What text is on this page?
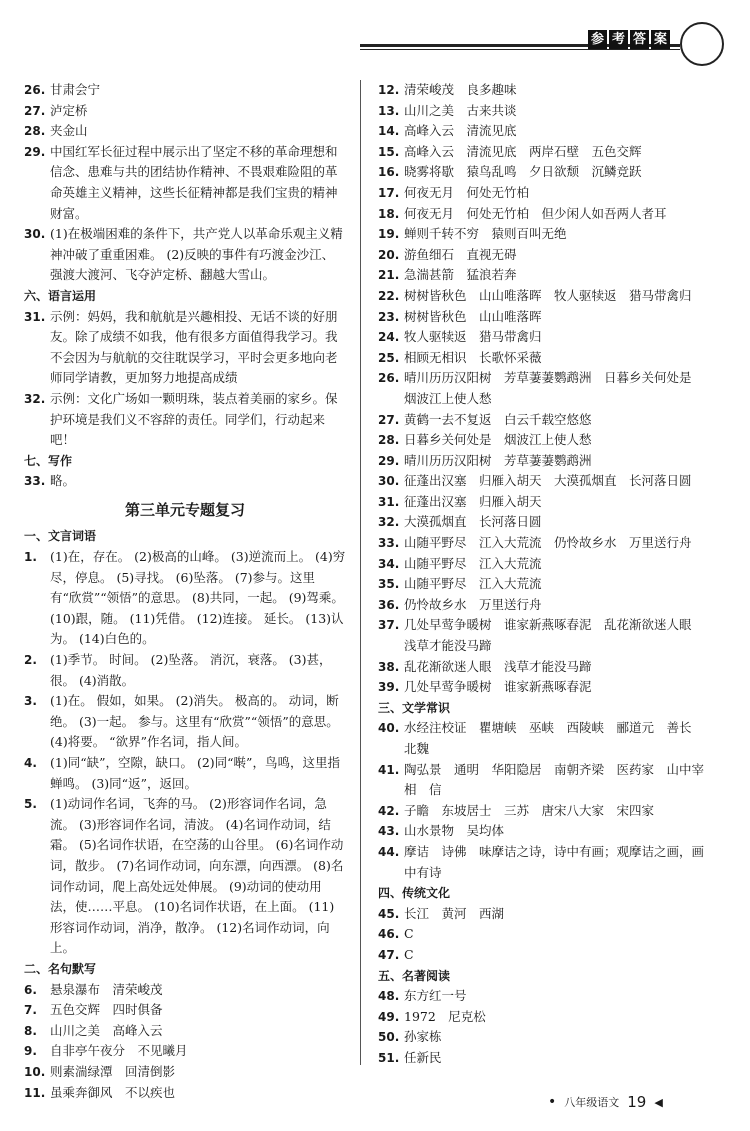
参 考 答 案
26. 甘肃会宁
27. 泸定桥
28. 夹金山
29. 中国红军长征过程中展示出了坚定不移的革命理想和信念、患难与共的团结协作精神、不畏艰难险阻的革命英雄主义精神，这些长征精神都是我们宝贵的精神财富。
30. (1)在极端困难的条件下，共产党人以革命乐观主义精神冲破了重重困难。 (2)反映的事件有巧渡金沙江、强渡大渡河、飞夺泸定桥、翻越大雪山。
六、语言运用
31. 示例：妈妈，我和航航是兴趣相投、无话不谈的好朋友。除了成绩不如我，他有很多方面值得我学习。我不会因为与航航的交往耽误学习，平时会更多地向老师同学请教，更加努力地提高成绩
32. 示例：文化广场如一颗明珠，装点着美丽的家乡。保护环境是我们义不容辞的责任。同学们，行动起来吧！
七、写作
33. 略。
第三单元专题复习
一、文言词语
1.	(1)在，存在。 (2)极高的山峰。 (3)逆流而上。 (4)穷尽，停息。 (5)寻找。 (6)坠落。 (7)参与。这里有“欣赏”“领悟”的意思。 (8)共同，一起。 (9)驾乘。 (10)跟，随。 (11)凭借。 (12)连接。 延长。 (13)认为。 (14)白色的。
2.	(1)季节。 时间。 (2)坠落。 消沉，衰落。 (3)甚，很。 (4)消散。
3.	(1)在。 假如，如果。 (2)消失。 极高的。 动词，断绝。 (3)一起。 参与。这里有“欣赏”“领悟”的意思。 (4)将要。 “欲界”作名词，指人间。
4.	(1)同“缺”，空隙，缺口。 (2)同“啭”，鸟鸣，这里指蝉鸣。 (3)同“返”，返回。
5.	(1)动词作名词，飞奔的马。 (2)形容词作名词，急流。 (3)形容词作名词，清波。 (4)名词作动词，结霜。 (5)名词作状语，在空荡的山谷里。 (6)名词作动词，散步。 (7)名词作动词，向东漂，向西漂。 (8)名词作动词，爬上高处远处伸展。 (9)动词的使动用法，使……平息。 (10)名词作状语，在上面。 (11)形容词作动词，消净，散净。 (12)名词作动词，向上。
二、名句默写
6.	悬泉瀑布　清荣峻茂
7.	五色交辉　四时俱备
8.	山川之美　高峰入云
9.	自非亭午夜分　不见曦月
10. 则素湍绿潭　回清倒影
11. 虽乘奔御风　不以疾也
12. 清荣峻茂　良多趣味
13. 山川之美　古来共谈
14. 高峰入云　清流见底
15. 高峰入云　清流见底　两岸石壁　五色交辉
16. 晓雾将歇　猿鸟乱鸣　夕日欲颓　沉鳞竞跃
17. 何夜无月　何处无竹柏
18. 何夜无月　何处无竹柏　但少闲人如吾两人者耳
19. 蝉则千转不穷　猿则百叫无绝
20. 游鱼细石　直视无碍
21. 急湍甚箭　猛浪若奔
22. 树树皆秋色　山山唯落晖　牧人驱犊返　猎马带禽归
23. 树树皆秋色　山山唯落晖
24. 牧人驱犊返　猎马带禽归
25. 相顾无相识　长歌怀采薇
26. 晴川历历汉阳树　芳草萋萋鹦鹉洲　日暮乡关何处是　烟波江上使人愁
27. 黄鹤一去不复返　白云千载空悠悠
28. 日暮乡关何处是　烟波江上使人愁
29. 晴川历历汉阳树　芳草萋萋鹦鹉洲
30. 征蓬出汉塞　归雁入胡天　大漠孤烟直　长河落日圆
31. 征蓬出汉塞　归雁入胡天
32. 大漠孤烟直　长河落日圆
33. 山随平野尽　江入大荒流　仍怜故乡水　万里送行舟
34. 山随平野尽　江入大荒流
35. 山随平野尽　江入大荒流
36. 仍怜故乡水　万里送行舟
37. 几处早莺争暖树　谁家新燕啄春泥　乱花渐欲迷人眼　浅草才能没马蹄
38. 乱花渐欲迷人眼　浅草才能没马蹄
39. 几处早莺争暖树　谁家新燕啄春泥
三、文学常识
40. 水经注校证　瞿塘峡　巫峡　西陵峡　郦道元　善长　北魏
41. 陶弘景　通明　华阳隐居　南朝齐梁　医药家　山中宰相　信
42. 子瞻　东坡居士　三苏　唐宋八大家　宋四家
43. 山水景物　吴均体
44. 摩诘　诗佛　味摩诘之诗，诗中有画；观摩诘之画，画中有诗
四、传统文化
45. 长江　黄河　西湖
46. C
47. C
五、名著阅读
48. 东方红一号
49. 1972　尼克松
50. 孙家栋
51. 任新民
• 八年级语文 19 ◀
